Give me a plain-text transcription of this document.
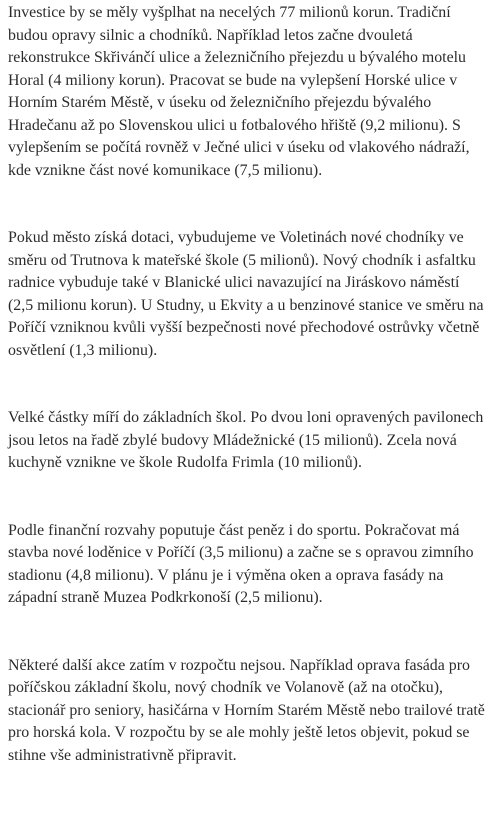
Investice by se měly vyšplhat na necelých 77 milionů korun. Tradiční budou opravy silnic a chodníků. Například letos začne dvouletá rekonstrukce Skřivánčí ulice a železničního přejezdu u bývalého motelu Horal (4 miliony korun). Pracovat se bude na vylepšení Horské ulice v Horním Starém Městě, v úseku od železničního přejezdu bývalého Hradečanu až po Slovenskou ulici u fotbalového hřiště (9,2 milionu). S vylepšením se počítá rovněž v Ječné ulici v úseku od vlakového nádraží, kde vznikne část nové komunikace (7,5 milionu).

Pokud město získá dotaci, vybudujeme ve Voletinách nové chodníky ve směru od Trutnova k mateřské škole (5 milionů). Nový chodník i asfaltku radnice vybuduje také v Blanické ulici navazující na Jiráskovo náměstí (2,5 milionu korun). U Studny, u Ekvity a u benzinové stanice ve směru na Poříčí vzniknou kvůli vyšší bezpečnosti nové přechodové ostrůvky včetně osvětlení (1,3 milionu).

Velké částky míří do základních škol. Po dvou loni opravených pavilonech jsou letos na řadě zbylé budovy Mládežnické (15 milionů). Zcela nová kuchyně vznikne ve škole Rudolfa Frimla (10 milionů).

Podle finanční rozvahy poputuje část peněz i do sportu. Pokračovat má stavba nové loděnice v Poříčí (3,5 milionu) a začne se s opravou zimního stadionu (4,8 milionu). V plánu je i výměna oken a oprava fasády na západní straně Muzea Podkrkonoší (2,5 milionu).

Některé další akce zatím v rozpočtu nejsou. Například oprava fasáda pro poříčskou základní školu, nový chodník ve Volanově (až na otočku), stacionář pro seniory, hasičárna v Horním Starém Městě nebo trailové tratě pro horská kola. V rozpočtu by se ale mohly ještě letos objevit, pokud se stihne vše administrativně připravit.
